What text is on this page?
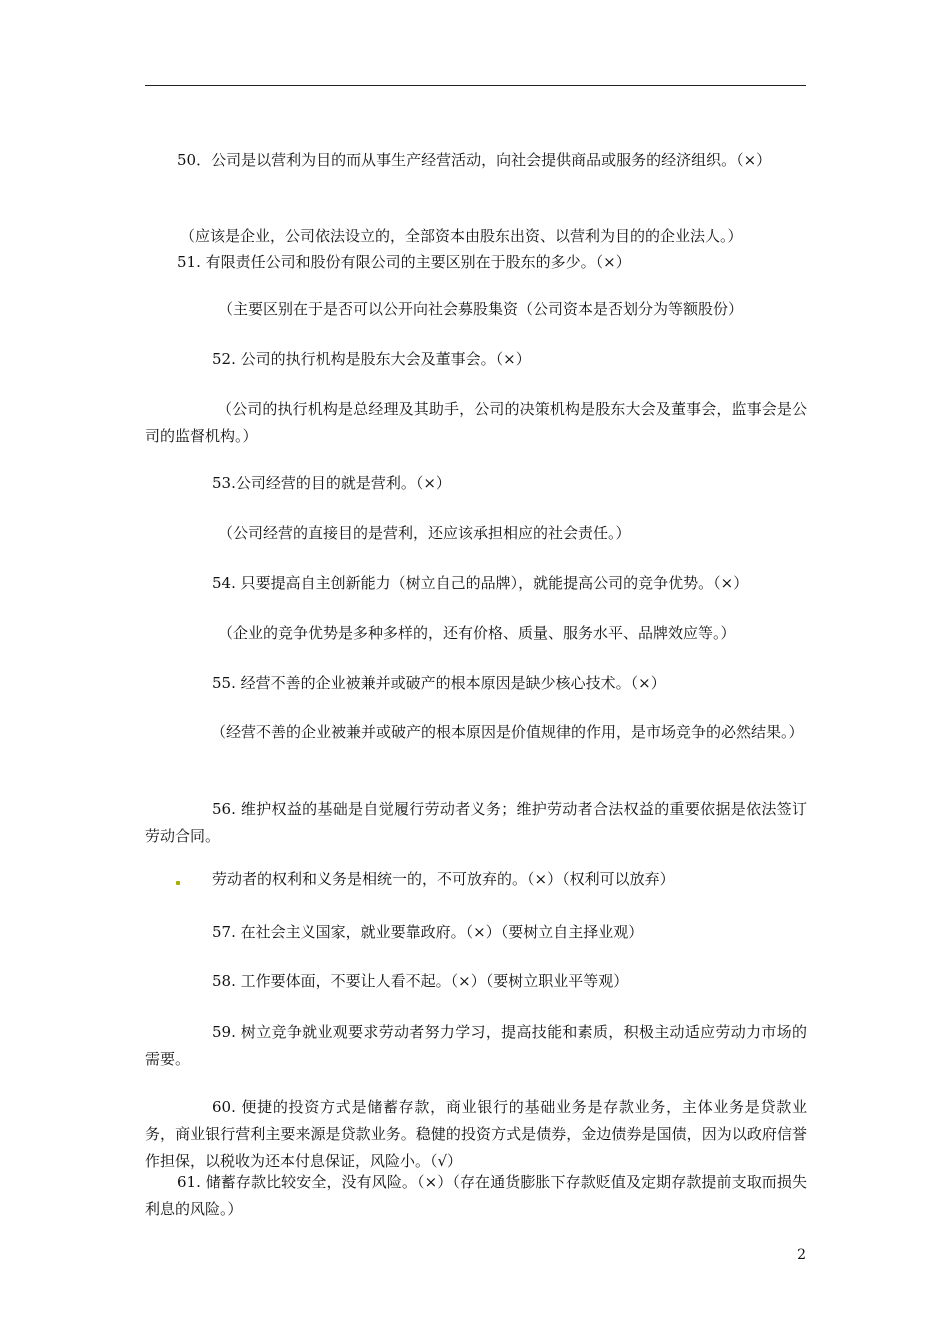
50．公司是以营利为目的而从事生产经营活动，向社会提供商品或服务的经济组织。（×）
（应该是企业，公司依法设立的，全部资本由股东出资、以营利为目的的企业法人。）
51. 有限责任公司和股份有限公司的主要区别在于股东的多少。（×）
（主要区别在于是否可以公开向社会募股集资（公司资本是否划分为等额股份）
52. 公司的执行机构是股东大会及董事会。（×）
（公司的执行机构是总经理及其助手，公司的决策机构是股东大会及董事会，监事会是公司的监督机构。）
53.公司经营的目的就是营利。（×）
（公司经营的直接目的是营利，还应该承担相应的社会责任。）
54. 只要提高自主创新能力（树立自己的品牌），就能提高公司的竞争优势。（×）
（企业的竞争优势是多种多样的，还有价格、质量、服务水平、品牌效应等。）
55. 经营不善的企业被兼并或破产的根本原因是缺少核心技术。（×）
（经营不善的企业被兼并或破产的根本原因是价值规律的作用，是市场竞争的必然结果。）
56. 维护权益的基础是自觉履行劳动者义务；维护劳动者合法权益的重要依据是依法签订劳动合同。
劳动者的权利和义务是相统一的，不可放弃的。（×）（权利可以放弃）
57. 在社会主义国家，就业要靠政府。（×）（要树立自主择业观）
58. 工作要体面，不要让人看不起。（×）（要树立职业平等观）
59. 树立竞争就业观要求劳动者努力学习，提高技能和素质，积极主动适应劳动力市场的需要。
60. 便捷的投资方式是储蓄存款，商业银行的基础业务是存款业务，主体业务是贷款业务，商业银行营利主要来源是贷款业务。稳健的投资方式是债券，金边债券是国债，因为以政府信誉作担保，以税收为还本付息保证，风险小。（√）
61. 储蓄存款比较安全，没有风险。（×）（存在通货膨胀下存款贬值及定期存款提前支取而损失利息的风险。）
2
